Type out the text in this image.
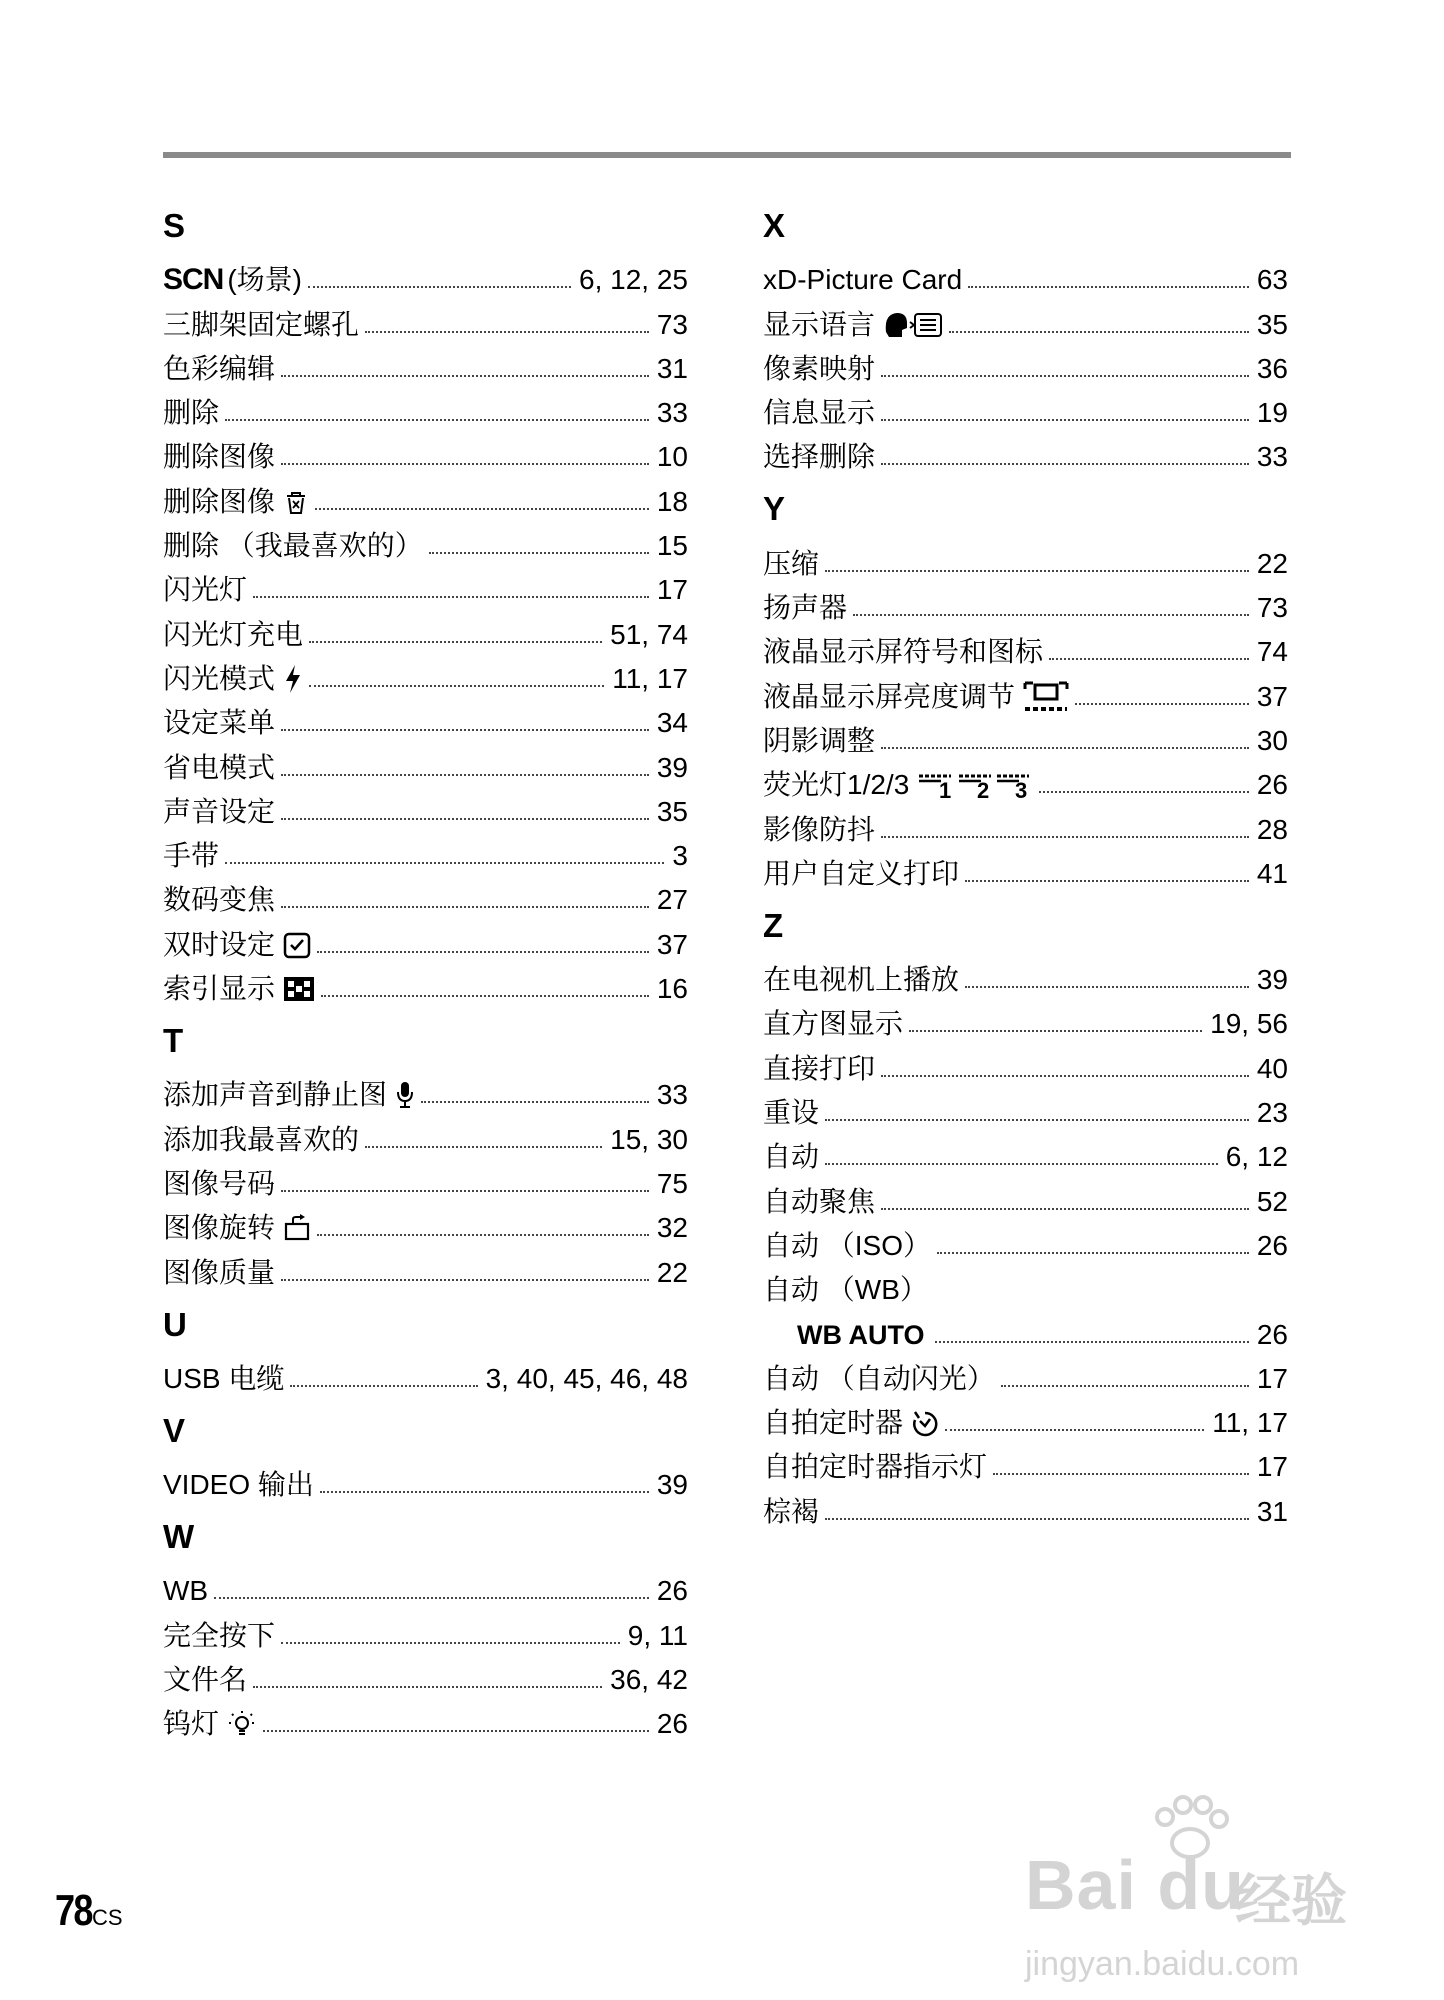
S
SCN (场景)	6, 12, 25
三脚架固定螺孔	73
色彩编辑	31
删除	33
删除图像	10
删除图像	18
删除 （我最喜欢的）	15
闪光灯	17
闪光灯充电	51, 74
闪光模式	11, 17
设定菜单	34
省电模式	39
声音设定	35
手带	3
数码变焦	27
双时设定	37
索引显示	16
T
添加声音到静止图	33
添加我最喜欢的	15, 30
图像号码	75
图像旋转	32
图像质量	22
U
USB 电缆	3, 40, 45, 46, 48
V
VIDEO 输出	39
W
WB	26
完全按下	9, 11
文件名	36, 42
钨灯	26
X
xD-Picture Card	63
显示语言	35
像素映射	36
信息显示	19
选择删除	33
Y
压缩	22
扬声器	73
液晶显示屏符号和图标	74
液晶显示屏亮度调节	37
阴影调整	30
荧光灯1/2/3 1 2 3	26
影像防抖	28
用户自定义打印	41
Z
在电视机上播放	39
直方图显示	19, 56
直接打印	40
重设	23
自动	6, 12
自动聚焦	52
自动 （ISO）	26
自动 （WB）
WB AUTO	26
自动 （自动闪光）	17
自拍定时器	11, 17
自拍定时器指示灯	17
棕褐	31
78 CS	Bai du
经验
jingyan.baidu.com
